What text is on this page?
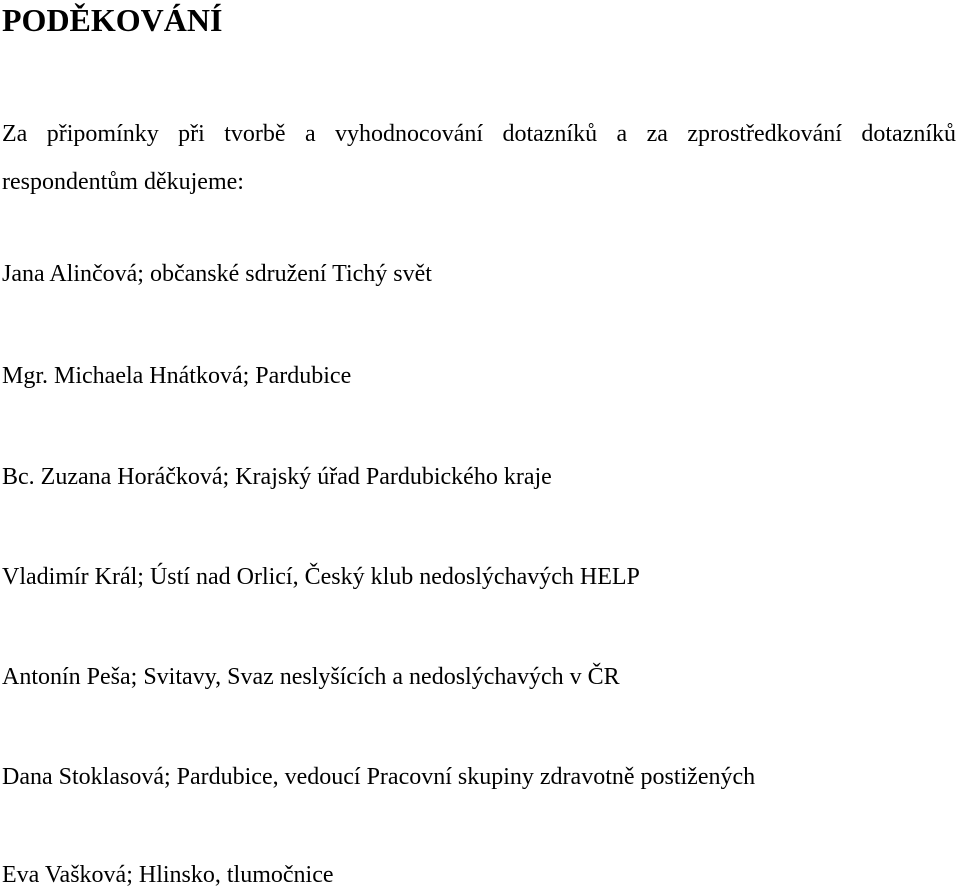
PODĚKOVÁNÍ

Za připomínky při tvorbě a vyhodnocování dotazníků a za zprostředkování dotazníků respondentům děkujeme:

Jana Alinčová; občanské sdružení Tichý svět
Mgr. Michaela Hnátková; Pardubice
Bc. Zuzana Horáčková; Krajský úřad Pardubického kraje
Vladimír Král; Ústí nad Orlicí, Český klub nedoslýchavých HELP
Antonín Peša; Svitavy, Svaz neslyšících a nedoslýchavých v ČR
Dana Stoklasová; Pardubice, vedoucí Pracovní skupiny zdravotně postižených
Eva Vašková; Hlinsko, tlumočnice
